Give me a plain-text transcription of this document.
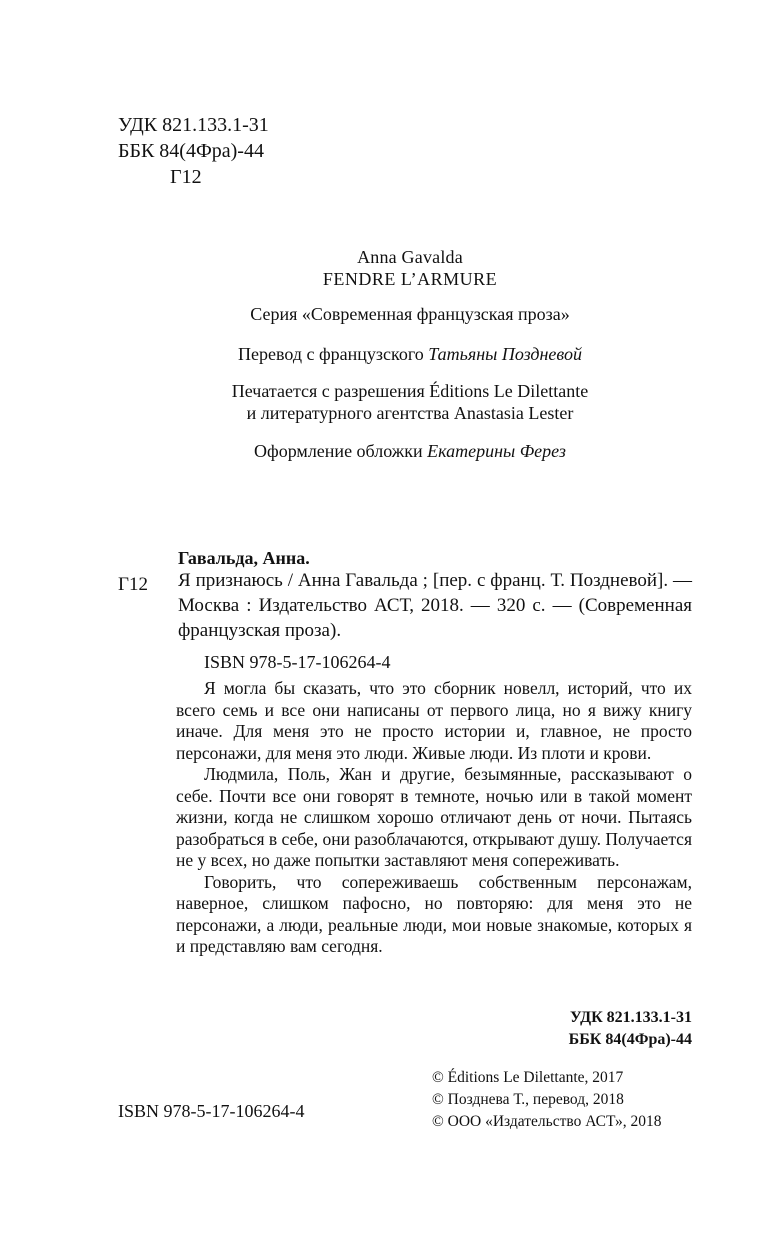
УДК 821.133.1-31
ББК 84(4Фра)-44
Г12
Anna Gavalda
FENDRE L’ARMURE
Серия «Современная французская проза»
Перевод с французского Татьяны Поздневой
Печатается с разрешения Éditions Le Dilettante
и литературного агентства Anastasia Lester
Оформление обложки Екатерины Ферез
Гавальда, Анна.
Г12 Я признаюсь / Анна Гавальда ; [пер. с франц. Т. Поздневой]. — Москва : Издательство АСТ, 2018. — 320 с. — (Современная французская проза).
ISBN 978-5-17-106264-4

Я могла бы сказать, что это сборник новелл, историй, что их всего семь и все они написаны от первого лица, но я вижу книгу иначе. Для меня это не просто истории и, главное, не просто персонажи, для меня это люди. Живые люди. Из плоти и крови.

Людмила, Поль, Жан и другие, безымянные, рассказывают о себе. Почти все они говорят в темноте, ночью или в такой момент жизни, когда не слишком хорошо отличают день от ночи. Пытаясь разобраться в себе, они разоблачаются, открывают душу. Получается не у всех, но даже попытки заставляют меня сопереживать.

Говорить, что сопереживаешь собственным персонажам, наверное, слишком пафосно, но повторяю: для меня это не персонажи, а люди, реальные люди, мои новые знакомые, которых я и представляю вам сегодня.

УДК 821.133.1-31
ББК 84(4Фра)-44
ISBN 978-5-17-106264-4
© Éditions Le Dilettante, 2017
© Позднева Т., перевод, 2018
© ООО «Издательство АСТ», 2018
